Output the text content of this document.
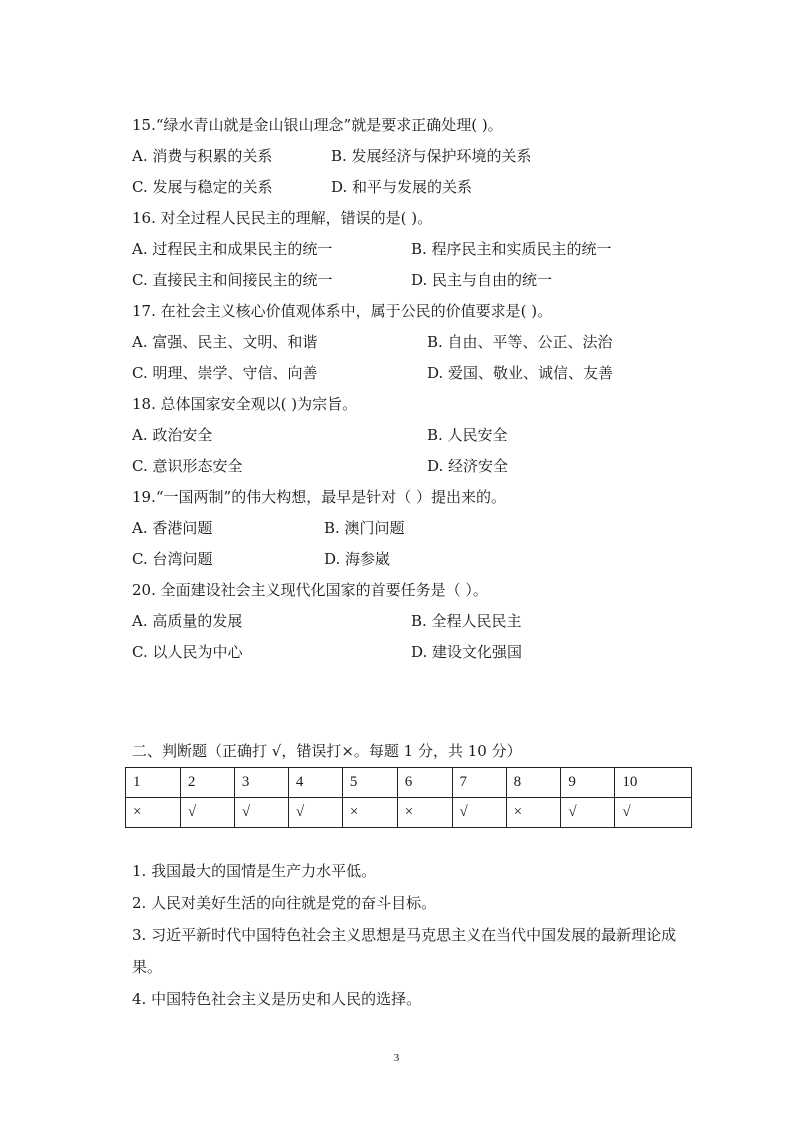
15.“绿水青山就是金山银山理念”就是要求正确处理( )。
A. 消费与积累的关系	B. 发展经济与保护环境的关系
C. 发展与稳定的关系	D. 和平与发展的关系
16. 对全过程人民民主的理解，错误的是( )。
A. 过程民主和成果民主的统一	B. 程序民主和实质民主的统一
C. 直接民主和间接民主的统一	D. 民主与自由的统一
17. 在社会主义核心价值观体系中，属于公民的价值要求是( )。
A. 富强、民主、文明、和谐	B. 自由、平等、公正、法治
C. 明理、崇学、守信、向善	D. 爱国、敬业、诚信、友善
18. 总体国家安全观以( )为宗旨。
A. 政治安全	B. 人民安全
C. 意识形态安全	D. 经济安全
19.“一国两制”的伟大构想，最早是针对（ ）提出来的。
A. 香港问题	B. 澳门问题
C. 台湾问题	D. 海参崴
20. 全面建设社会主义现代化国家的首要任务是（ ）。
A. 高质量的发展	B. 全程人民民主
C. 以人民为中心	D. 建设文化强国
二、判断题（正确打 √，错误打×。每题 1 分，共 10 分）
1	2	3	4	5	6	7	8	9	10
×	√	√	√	×	×	√	×	√	√
1. 我国最大的国情是生产力水平低。
2. 人民对美好生活的向往就是党的奋斗目标。
3. 习近平新时代中国特色社会主义思想是马克思主义在当代中国发展的最新理论成
果。
4. 中国特色社会主义是历史和人民的选择。
3
